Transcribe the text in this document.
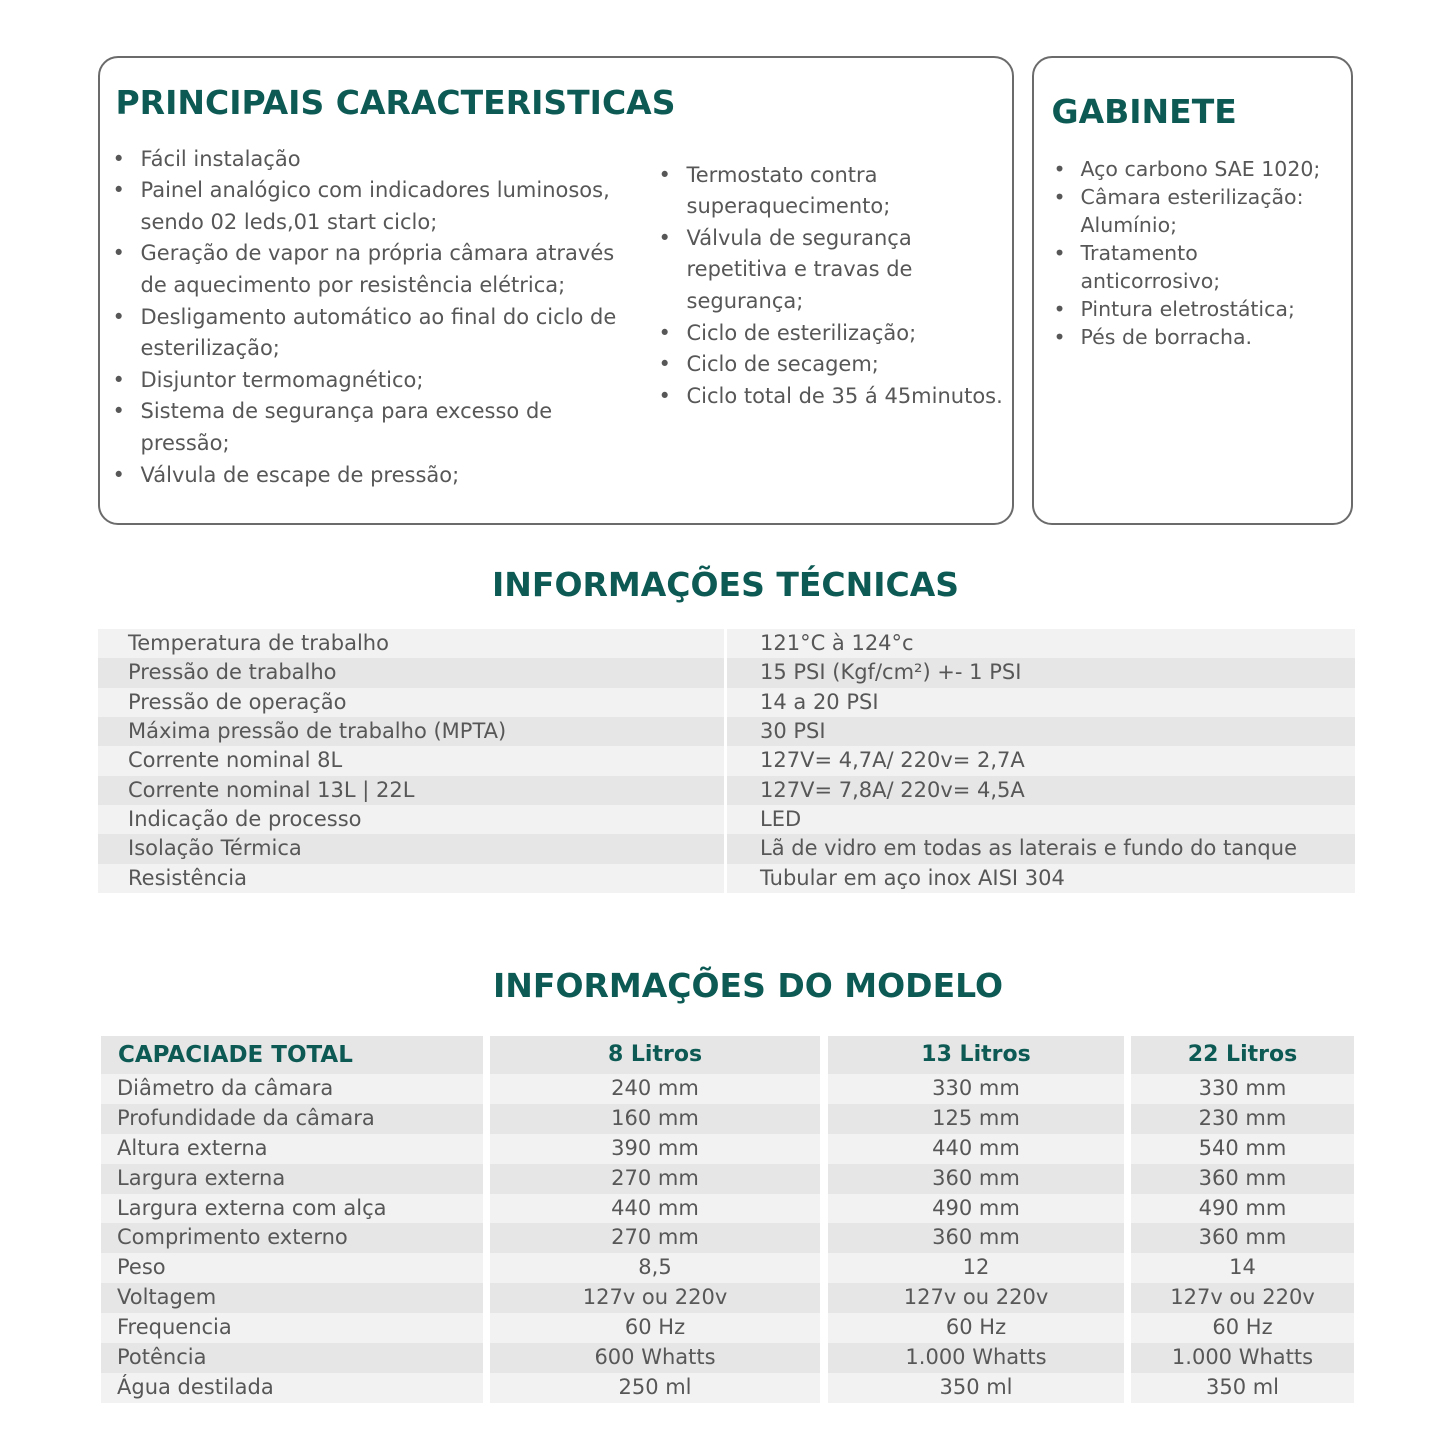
PRINCIPAIS CARACTERISTICAS
• Fácil instalação
• Painel analógico com indicadores luminosos, sendo 02 leds,01 start ciclo;
• Geração de vapor na própria câmara através de aquecimento por resistência elétrica;
• Desligamento automático ao final do ciclo de esterilização;
• Disjuntor termomagnético;
• Sistema de segurança para excesso de pressão;
• Válvula de escape de pressão;
• Termostato contra superaquecimento;
• Válvula de segurança repetitiva e travas de segurança;
• Ciclo de esterilização;
• Ciclo de secagem;
• Ciclo total de 35 á 45minutos.
GABINETE
• Aço carbono SAE 1020;
• Câmara esterilização: Alumínio;
• Tratamento anticorrosivo;
• Pintura eletrostática;
• Pés de borracha.
INFORMAÇÕES TÉCNICAS
Temperatura de trabalho	121°C à 124°c
Pressão de trabalho	15 PSI (Kgf/cm²) +- 1 PSI
Pressão de operação	14 a 20 PSI
Máxima pressão de trabalho (MPTA)	30 PSI
Corrente nominal 8L	127V= 4,7A/ 220v= 2,7A
Corrente nominal 13L | 22L	127V= 7,8A/ 220v= 4,5A
Indicação de processo	LED
Isolação Térmica	Lã de vidro em todas as laterais e fundo do tanque
Resistência	Tubular em aço inox AISI 304
INFORMAÇÕES DO MODELO
CAPACIADE TOTAL	8 Litros	13 Litros	22 Litros
Diâmetro da câmara	240 mm	330 mm	330 mm
Profundidade da câmara	160 mm	125 mm	230 mm
Altura externa	390 mm	440 mm	540 mm
Largura externa	270 mm	360 mm	360 mm
Largura externa com alça	440 mm	490 mm	490 mm
Comprimento externo	270 mm	360 mm	360 mm
Peso	8,5	12	14
Voltagem	127v ou 220v	127v ou 220v	127v ou 220v
Frequencia	60 Hz	60 Hz	60 Hz
Potência	600 Whatts	1.000 Whatts	1.000 Whatts
Água destilada	250 ml	350 ml	350 ml
